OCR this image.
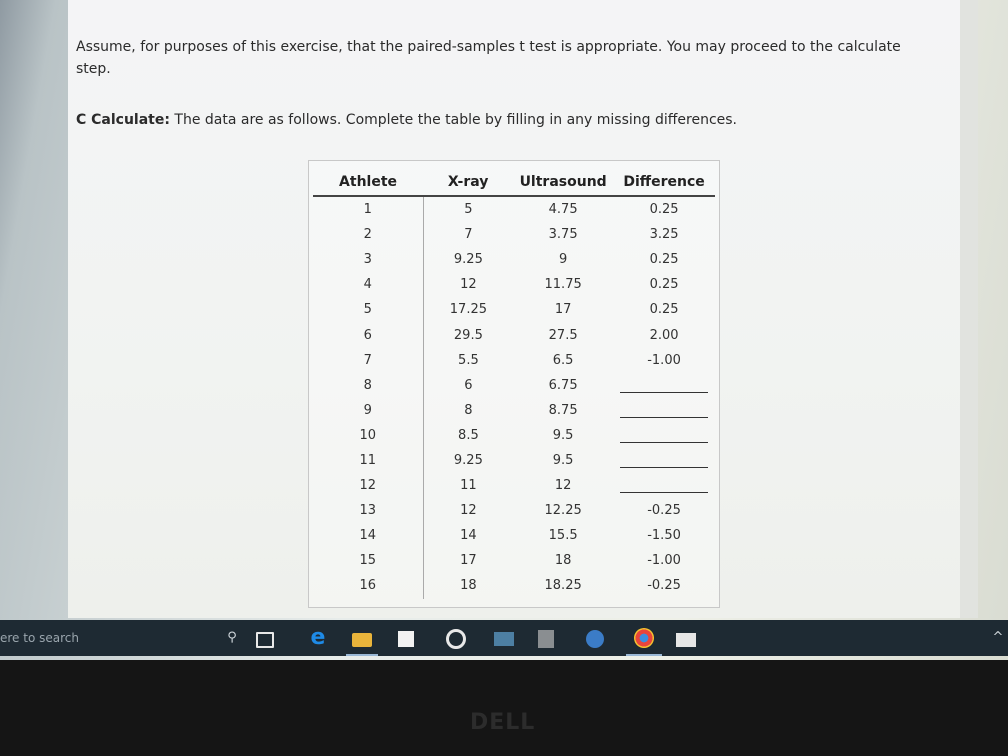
Assume, for purposes of this exercise, that the paired-samples t test is appropriate. You may proceed to the calculate
step.
C Calculate: The data are as follows. Complete the table by filling in any missing differences.
Athlete	X-ray	Ultrasound	Difference
1	5	4.75	0.25
2	7	3.75	3.25
3	9.25	9	0.25
4	12	11.75	0.25
5	17.25	17	0.25
6	29.5	27.5	2.00
7	5.5	6.5	-1.00
8	6	6.75	
9	8	8.75	
10	8.5	9.5	
11	9.25	9.5	
12	11	12	
13	12	12.25	-0.25
14	14	15.5	-1.50
15	17	18	-1.00
16	18	18.25	-0.25
ere to search	⚲	e	^
DELL
